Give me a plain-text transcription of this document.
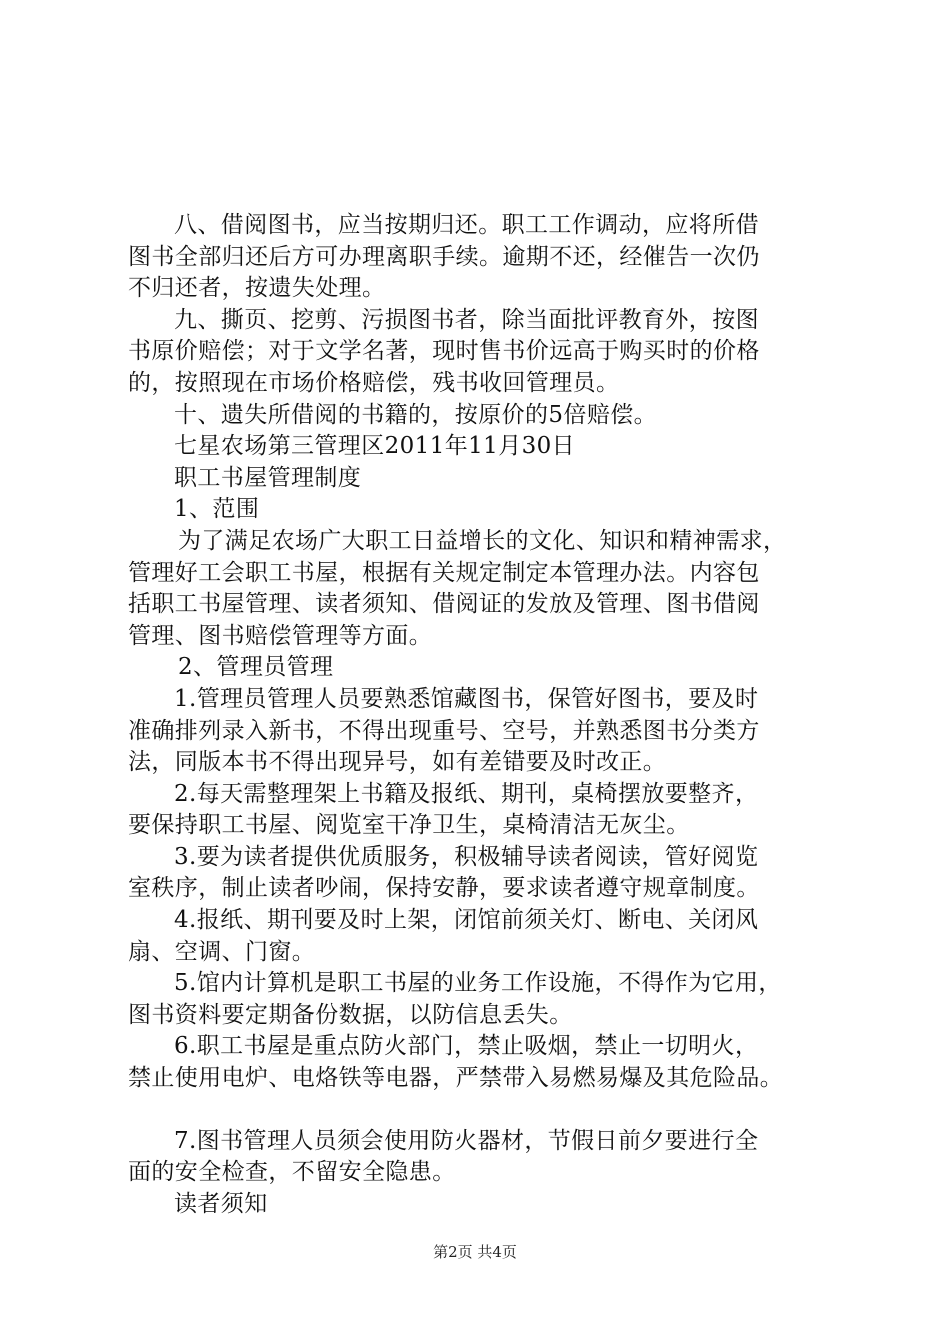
八、借阅图书，应当按期归还。职工工作调动，应将所借
图书全部归还后方可办理离职手续。逾期不还，经催告一次仍
不归还者，按遗失处理。
九、撕页、挖剪、污损图书者，除当面批评教育外，按图
书原价赔偿；对于文学名著，现时售书价远高于购买时的价格
的，按照现在市场价格赔偿，残书收回管理员。
十、遗失所借阅的书籍的，按原价的5倍赔偿。
七星农场第三管理区2011年11月30日
职工书屋管理制度
1、范围
为了满足农场广大职工日益增长的文化、知识和精神需求，
管理好工会职工书屋，根据有关规定制定本管理办法。内容包
括职工书屋管理、读者须知、借阅证的发放及管理、图书借阅
管理、图书赔偿管理等方面。
2、管理员管理
1.管理员管理人员要熟悉馆藏图书，保管好图书，要及时
准确排列录入新书，不得出现重号、空号，并熟悉图书分类方
法，同版本书不得出现异号，如有差错要及时改正。
2.每天需整理架上书籍及报纸、期刊，桌椅摆放要整齐，
要保持职工书屋、阅览室干净卫生，桌椅清洁无灰尘。
3.要为读者提供优质服务，积极辅导读者阅读，管好阅览
室秩序，制止读者吵闹，保持安静，要求读者遵守规章制度。
4.报纸、期刊要及时上架，闭馆前须关灯、断电、关闭风
扇、空调、门窗。
5.馆内计算机是职工书屋的业务工作设施，不得作为它用，
图书资料要定期备份数据，以防信息丢失。
6.职工书屋是重点防火部门，禁止吸烟，禁止一切明火，
禁止使用电炉、电烙铁等电器，严禁带入易燃易爆及其危险品。
7.图书管理人员须会使用防火器材，节假日前夕要进行全
面的安全检查，不留安全隐患。
读者须知
第2页 共4页
